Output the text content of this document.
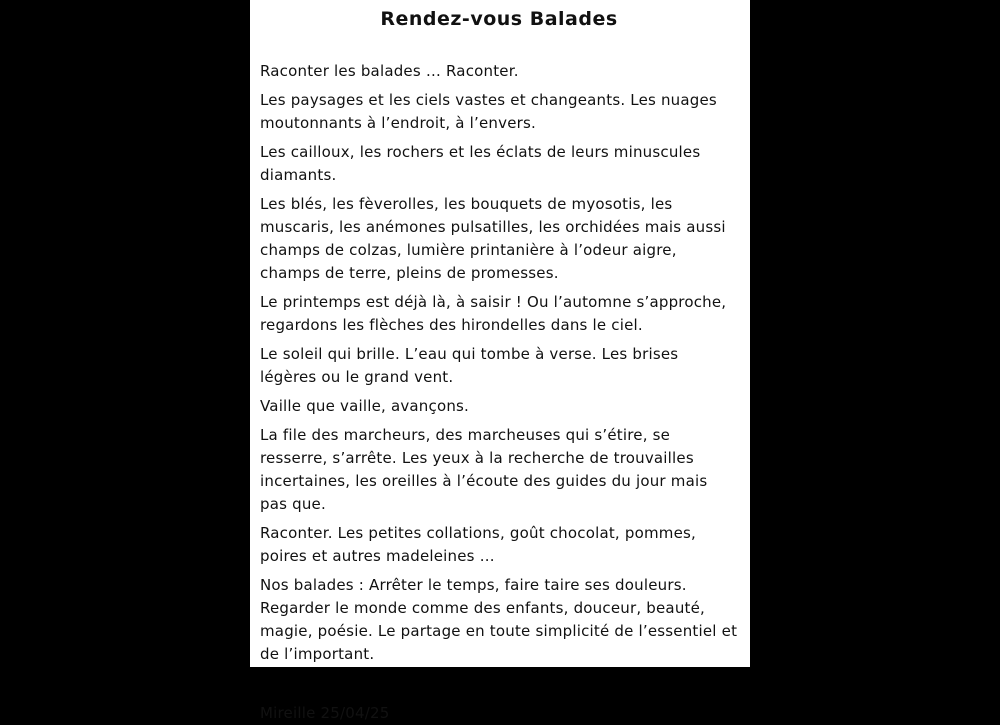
Rendez-vous Balades

Raconter les balades … Raconter.

Les paysages et les ciels vastes et changeants. Les nuages moutonnants à l’endroit, à l’envers.

Les cailloux, les rochers et les éclats de leurs minuscules diamants.

Les blés, les fèverolles, les bouquets de myosotis, les muscaris, les anémones pulsatilles, les orchidées mais aussi champs de colzas, lumière printanière à l’odeur aigre, champs de terre, pleins de promesses.

Le printemps est déjà là, à saisir ! Ou l’automne s’approche, regardons les flèches des hirondelles dans le ciel.

Le soleil qui brille. L’eau qui tombe à verse. Les brises légères ou le grand vent.

Vaille que vaille, avançons.

La file des marcheurs, des marcheuses qui s’étire, se resserre, s’arrête. Les yeux à la recherche de trouvailles incertaines, les oreilles à l’écoute des guides du jour mais pas que.

Raconter. Les petites collations, goût chocolat, pommes, poires et autres madeleines …

Nos balades : Arrêter le temps, faire taire ses douleurs. Regarder le monde comme des enfants, douceur, beauté, magie, poésie. Le partage en toute simplicité de l’essentiel et de l’important.

Mireille 25/04/25
